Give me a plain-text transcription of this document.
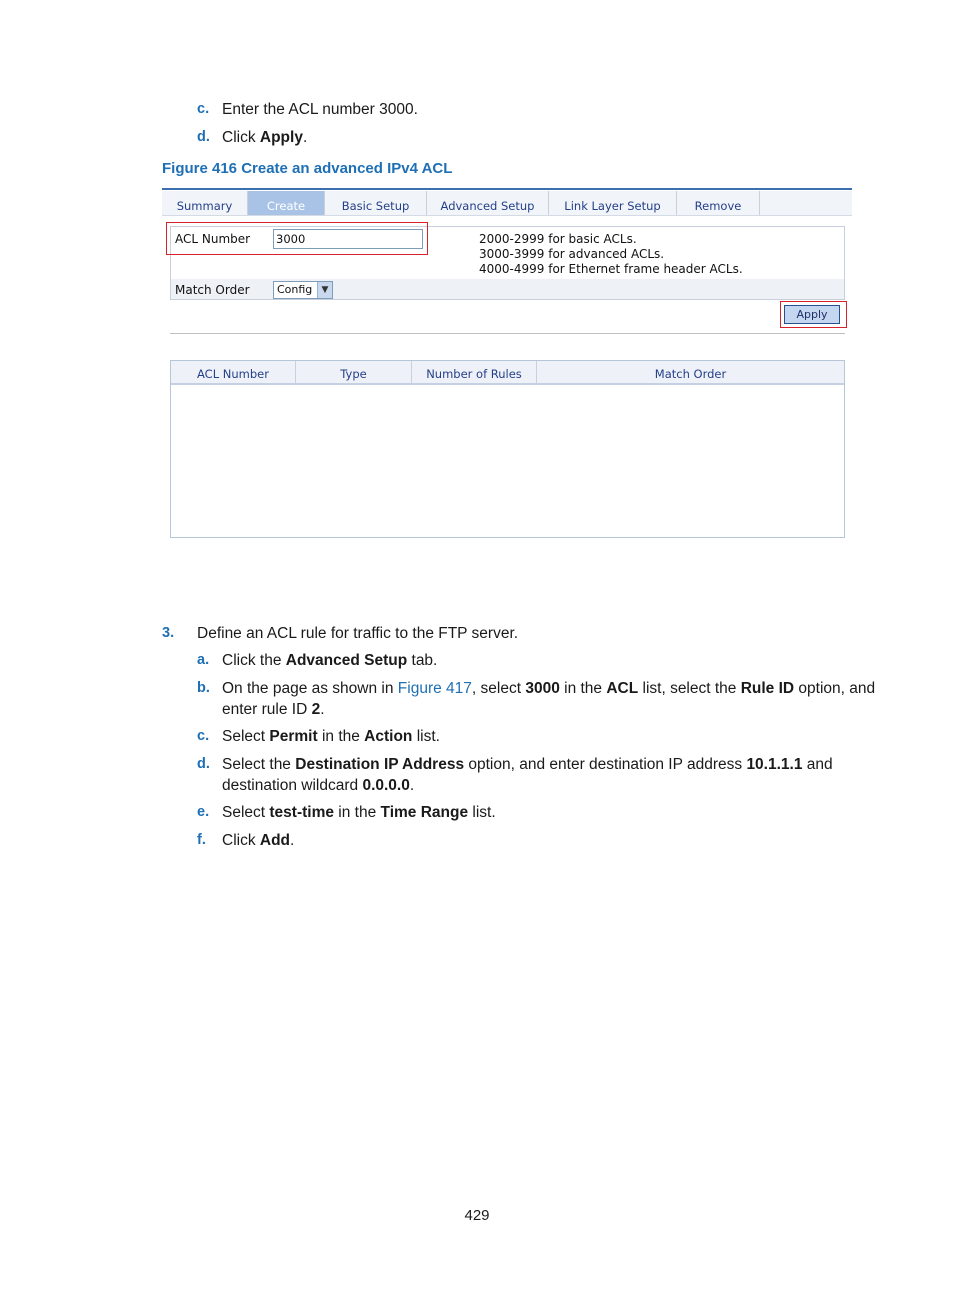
c. Enter the ACL number 3000.
d. Click Apply.
Figure 416 Create an advanced IPv4 ACL
Summary	Create	Basic Setup	Advanced Setup	Link Layer Setup	Remove
ACL Number 3000	2000-2999 for basic ACLs.
3000-3999 for advanced ACLs.
4000-4999 for Ethernet frame header ACLs.
Match Order	Config	▼
Apply
ACL Number	Type	Number of Rules	Match Order
3. Define an ACL rule for traffic to the FTP server.
a. Click the Advanced Setup tab.
b. On the page as shown in Figure 417, select 3000 in the ACL list, select the Rule ID option, and
enter rule ID 2.
c. Select Permit in the Action list.
d. Select the Destination IP Address option, and enter destination IP address 10.1.1.1 and
destination wildcard 0.0.0.0.
e. Select test-time in the Time Range list.
f. Click Add.
429
